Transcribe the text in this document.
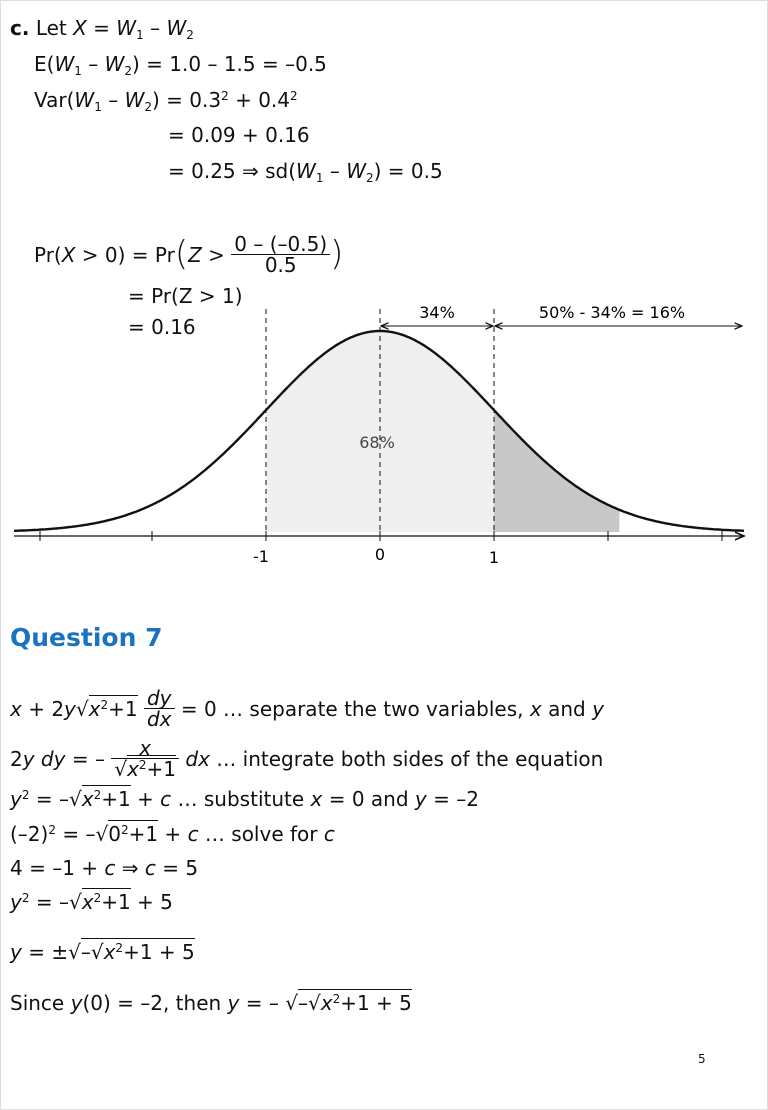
c. Let $X = W_1 - W_2$
$E(W_1 - W_2) = 1.0 - 1.5 = -0.5$
$Var(W_1 - W_2) = 0.3^2 + 0.4^2$
= 0.09 + 0.16
= 0.25 ⇒ $sd(W_1 - W_2) = 0.5$
$Pr(X > 0) = Pr(Z > \frac{0 - (-0.5)}{0.5}$ )
= Pr(Z > 1)
= 0.16
-1	0	1
68%
34%	50% - 34% = 16%
Question 7
$x + 2y√x^2+1 \frac{dy}{dx} = 0$ … separate the two variables, x and y
2y dy = – $\frac{x}{√x^2+1}$ dx … integrate both sides of the equation
$y^2 = -√x^2+1 + c$ … substitute x = 0 and y = –2
$(-2)^2 = -√0^2+1 + c$ … solve for c
4 = –1 + c ⇒ c = 5
$y^2 = -√x^2+1 + 5$
$y = \pm√-√x^2+1 + 5$
Since y(0) = –2, then y = – $√-√x^2+1 + 5$
5
